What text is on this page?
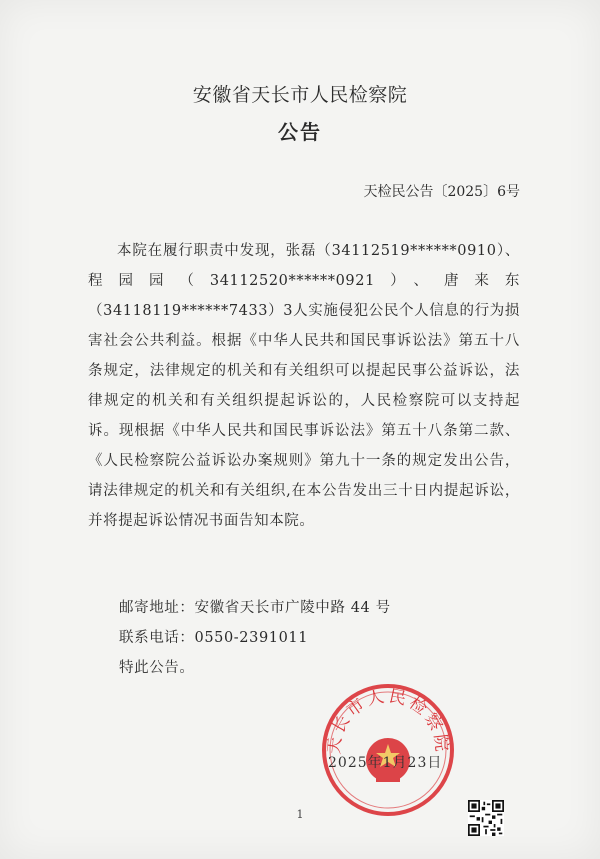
安徽省天长市人民检察院
公告
天检民公告〔2025〕6号
本院在履行职责中发现，张磊（34112519******0910）、程园园（34112520******0921）、唐来东（34118119******7433）3人实施侵犯公民个人信息的行为损害社会公共利益。根据《中华人民共和国民事诉讼法》第五十八条规定，法律规定的机关和有关组织可以提起民事公益诉讼，法律规定的机关和有关组织提起诉讼的，人民检察院可以支持起诉。现根据《中华人民共和国民事诉讼法》第五十八条第二款、《人民检察院公益诉讼办案规则》第九十一条的规定发出公告，请法律规定的机关和有关组织,在本公告发出三十日内提起诉讼，并将提起诉讼情况书面告知本院。
邮寄地址：安徽省天长市广陵中路 44 号
联系电话：0550-2391011
特此公告。
天长市人民检察院
2025年1月23日
1
